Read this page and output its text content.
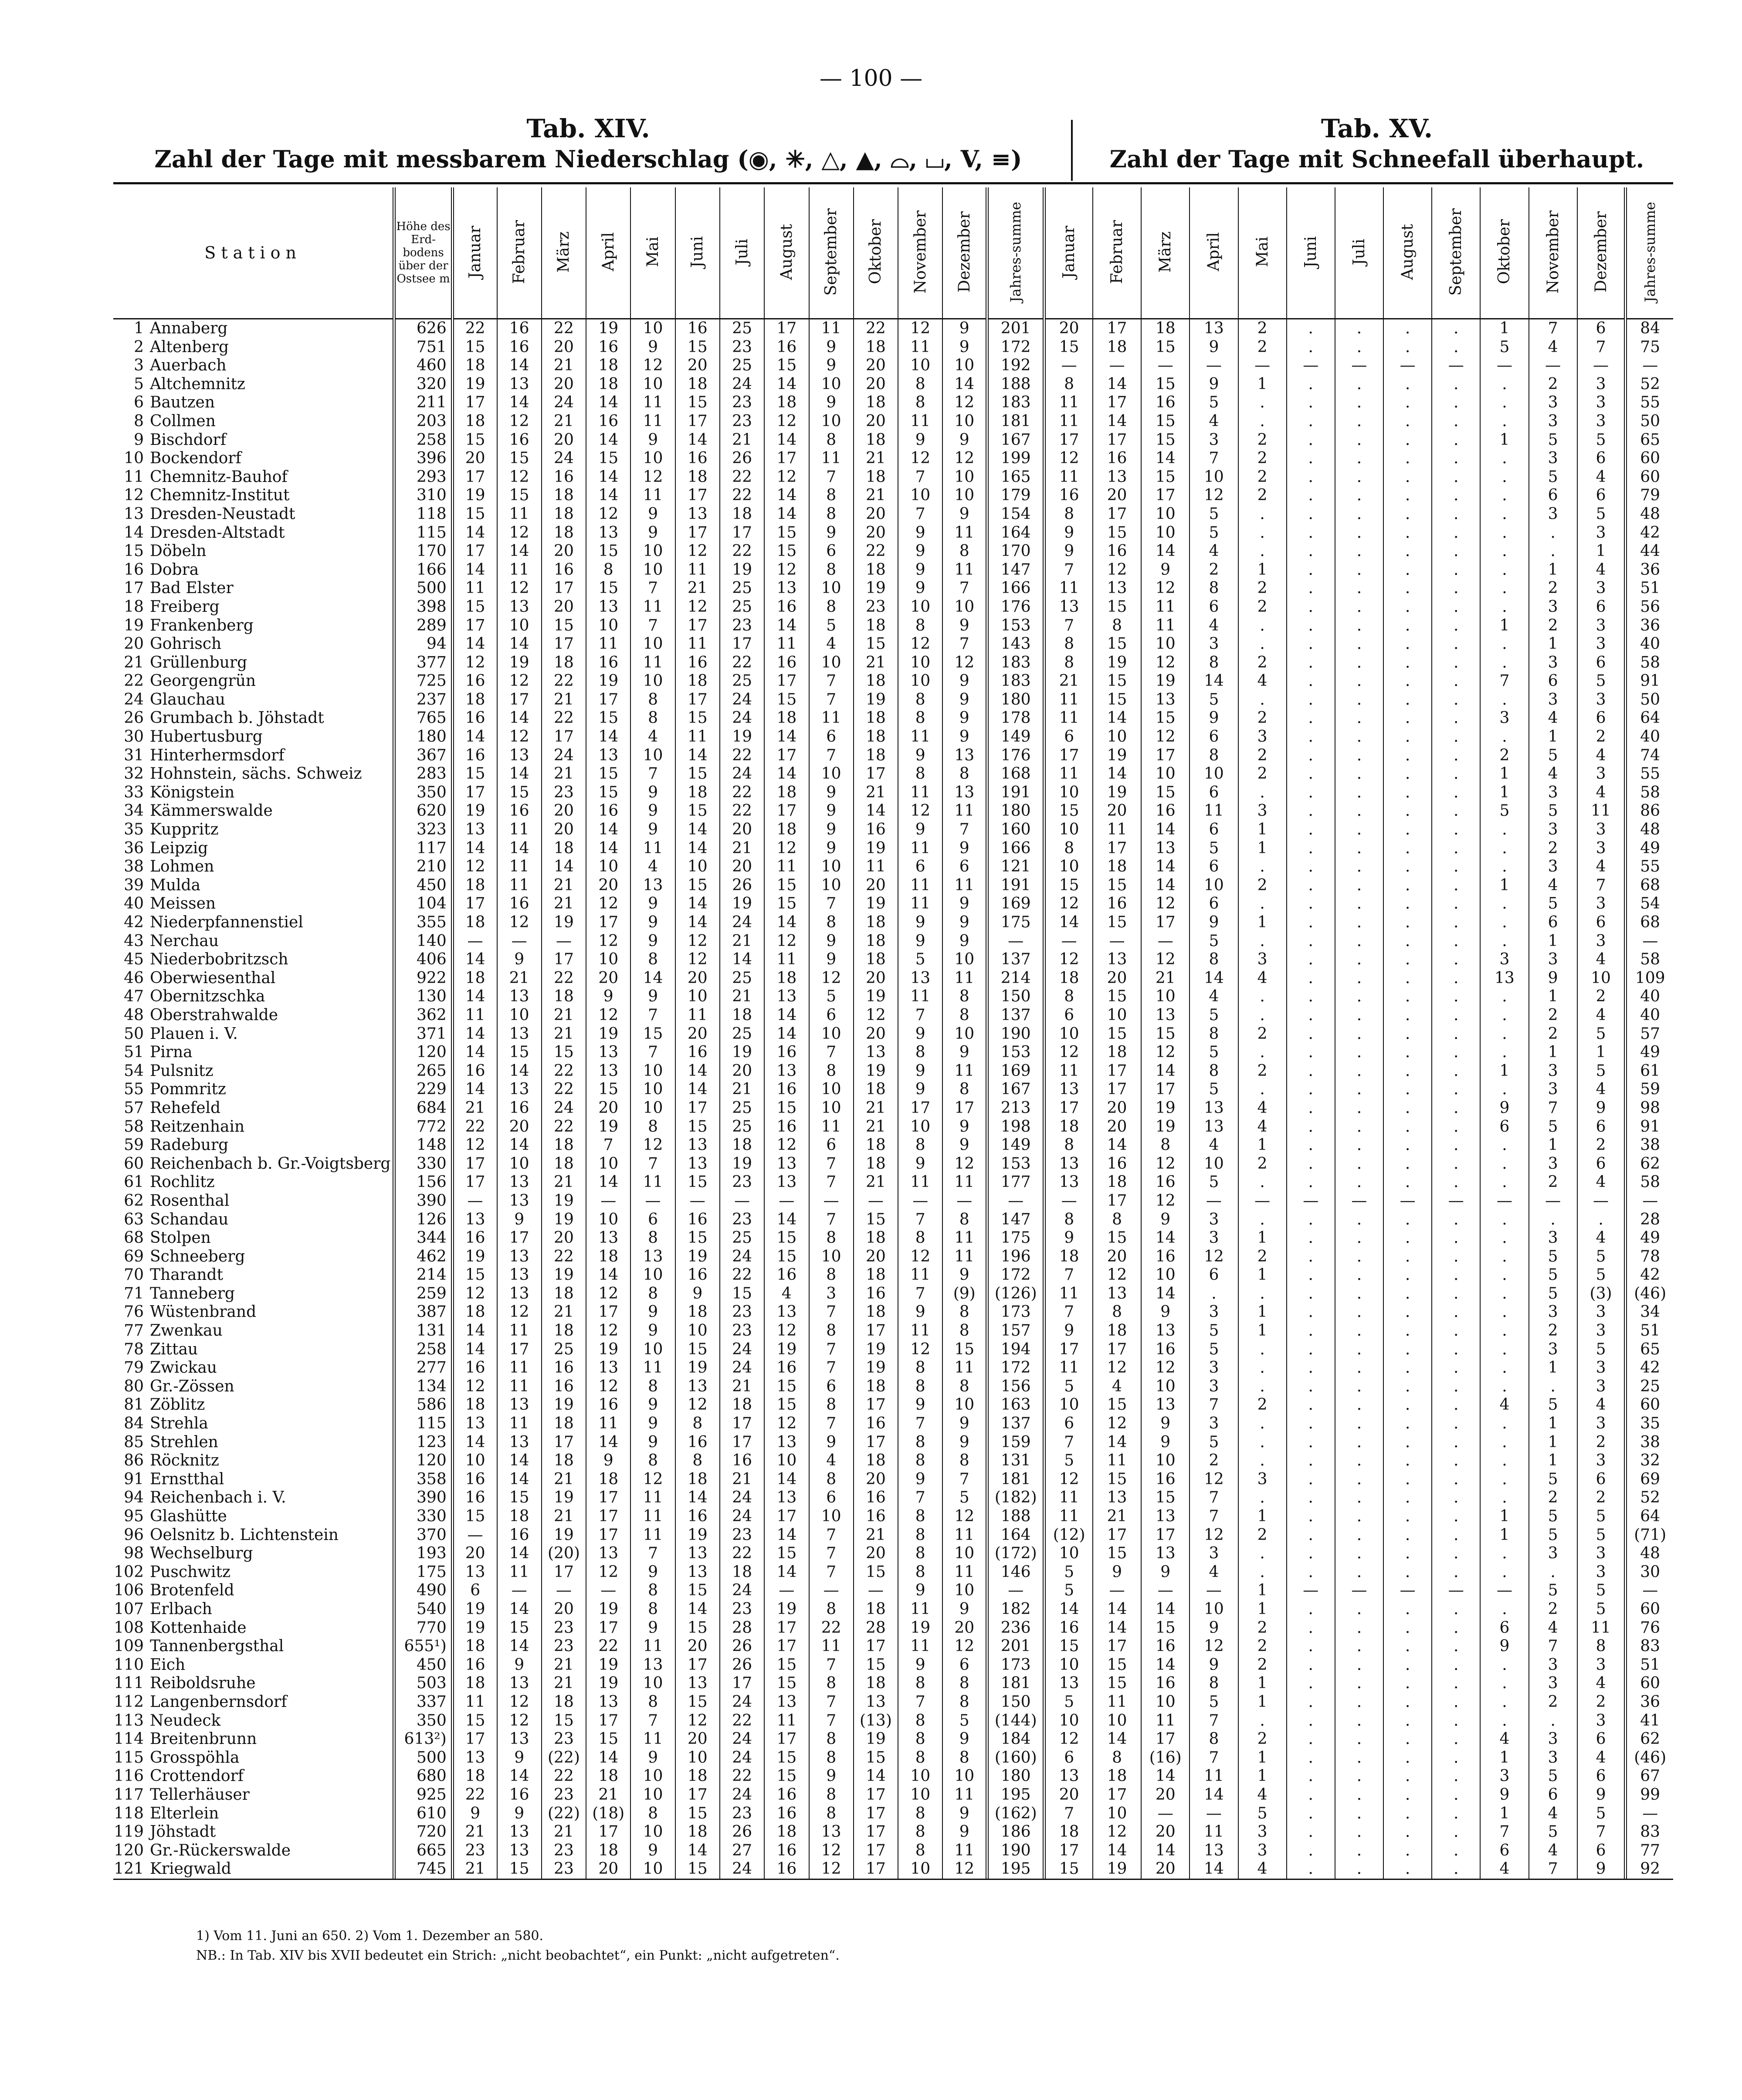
— 100 —
Tab. XIV.
Zahl der Tage mit messbarem Niederschlag (◉, ✳, △, ▲, ⌓, ⌴, V, ≡)
Tab. XV.
Zahl der Tage mit Schneefall überhaupt.
Station	Höhe des Erd-bodens über der Ostsee m	Januar	Februar	März	April	Mai	Juni	Juli	August	September	Oktober	November	Dezember	Jahres-summe	Januar	Februar	März	April	Mai	Juni	Juli	August	September	Oktober	November	Dezember	Jahres-summe
1 Annaberg	626	22	16	22	19	10	16	25	17	11	22	12	9	201	20	17	18	13	2	.	.	.	.	1	7	6	84
2 Altenberg	751	15	16	20	16	9	15	23	16	9	18	11	9	172	15	18	15	9	2	.	.	.	.	5	4	7	75
3 Auerbach	460	18	14	21	18	12	20	25	15	9	20	10	10	192	—	—	—	—	—	—	—	—	—	—	—	—	—
5 Altchemnitz	320	19	13	20	18	10	18	24	14	10	20	8	14	188	8	14	15	9	1	.	.	.	.	.	2	3	52
6 Bautzen	211	17	14	24	14	11	15	23	18	9	18	8	12	183	11	17	16	5	.	.	.	.	.	.	3	3	55
8 Collmen	203	18	12	21	16	11	17	23	12	10	20	11	10	181	11	14	15	4	.	.	.	.	.	.	3	3	50
9 Bischdorf	258	15	16	20	14	9	14	21	14	8	18	9	9	167	17	17	15	3	2	.	.	.	.	1	5	5	65
10 Bockendorf	396	20	15	24	15	10	16	26	17	11	21	12	12	199	12	16	14	7	2	.	.	.	.	.	3	6	60
11 Chemnitz-Bauhof	293	17	12	16	14	12	18	22	12	7	18	7	10	165	11	13	15	10	2	.	.	.	.	.	5	4	60
12 Chemnitz-Institut	310	19	15	18	14	11	17	22	14	8	21	10	10	179	16	20	17	12	2	.	.	.	.	.	6	6	79
13 Dresden-Neustadt	118	15	11	18	12	9	13	18	14	8	20	7	9	154	8	17	10	5	.	.	.	.	.	.	3	5	48
14 Dresden-Altstadt	115	14	12	18	13	9	17	17	15	9	20	9	11	164	9	15	10	5	.	.	.	.	.	.	.	3	42
15 Döbeln	170	17	14	20	15	10	12	22	15	6	22	9	8	170	9	16	14	4	.	.	.	.	.	.	.	1	44
16 Dobra	166	14	11	16	8	10	11	19	12	8	18	9	11	147	7	12	9	2	1	.	.	.	.	.	1	4	36
17 Bad Elster	500	11	12	17	15	7	21	25	13	10	19	9	7	166	11	13	12	8	2	.	.	.	.	.	2	3	51
18 Freiberg	398	15	13	20	13	11	12	25	16	8	23	10	10	176	13	15	11	6	2	.	.	.	.	.	3	6	56
19 Frankenberg	289	17	10	15	10	7	17	23	14	5	18	8	9	153	7	8	11	4	.	.	.	.	.	1	2	3	36
20 Gohrisch	94	14	14	17	11	10	11	17	11	4	15	12	7	143	8	15	10	3	.	.	.	.	.	.	1	3	40
21 Grüllenburg	377	12	19	18	16	11	16	22	16	10	21	10	12	183	8	19	12	8	2	.	.	.	.	.	3	6	58
22 Georgengrün	725	16	12	22	19	10	18	25	17	7	18	10	9	183	21	15	19	14	4	.	.	.	.	7	6	5	91
24 Glauchau	237	18	17	21	17	8	17	24	15	7	19	8	9	180	11	15	13	5	.	.	.	.	.	.	3	3	50
26 Grumbach b. Jöhstadt	765	16	14	22	15	8	15	24	18	11	18	8	9	178	11	14	15	9	2	.	.	.	.	3	4	6	64
30 Hubertusburg	180	14	12	17	14	4	11	19	14	6	18	11	9	149	6	10	12	6	3	.	.	.	.	.	1	2	40
31 Hinterhermsdorf	367	16	13	24	13	10	14	22	17	7	18	9	13	176	17	19	17	8	2	.	.	.	.	2	5	4	74
32 Hohnstein, sächs. Schweiz	283	15	14	21	15	7	15	24	14	10	17	8	8	168	11	14	10	10	2	.	.	.	.	1	4	3	55
33 Königstein	350	17	15	23	15	9	18	22	18	9	21	11	13	191	10	19	15	6	.	.	.	.	.	1	3	4	58
34 Kämmerswalde	620	19	16	20	16	9	15	22	17	9	14	12	11	180	15	20	16	11	3	.	.	.	.	5	5	11	86
35 Kuppritz	323	13	11	20	14	9	14	20	18	9	16	9	7	160	10	11	14	6	1	.	.	.	.	.	3	3	48
36 Leipzig	117	14	14	18	14	11	14	21	12	9	19	11	9	166	8	17	13	5	1	.	.	.	.	.	2	3	49
38 Lohmen	210	12	11	14	10	4	10	20	11	10	11	6	6	121	10	18	14	6	.	.	.	.	.	.	3	4	55
39 Mulda	450	18	11	21	20	13	15	26	15	10	20	11	11	191	15	15	14	10	2	.	.	.	.	1	4	7	68
40 Meissen	104	17	16	21	12	9	14	19	15	7	19	11	9	169	12	16	12	6	.	.	.	.	.	.	5	3	54
42 Niederpfannenstiel	355	18	12	19	17	9	14	24	14	8	18	9	9	175	14	15	17	9	1	.	.	.	.	.	6	6	68
43 Nerchau	140	—	—	—	12	9	12	21	12	9	18	9	9	—	—	—	—	5	.	.	.	.	.	.	1	3	—
45 Niederbobritzsch	406	14	9	17	10	8	12	14	11	9	18	5	10	137	12	13	12	8	3	.	.	.	.	3	3	4	58
46 Oberwiesenthal	922	18	21	22	20	14	20	25	18	12	20	13	11	214	18	20	21	14	4	.	.	.	.	13	9	10	109
47 Obernitzschka	130	14	13	18	9	9	10	21	13	5	19	11	8	150	8	15	10	4	.	.	.	.	.	.	1	2	40
48 Oberstrahwalde	362	11	10	21	12	7	11	18	14	6	12	7	8	137	6	10	13	5	.	.	.	.	.	.	2	4	40
50 Plauen i. V.	371	14	13	21	19	15	20	25	14	10	20	9	10	190	10	15	15	8	2	.	.	.	.	.	2	5	57
51 Pirna	120	14	15	15	13	7	16	19	16	7	13	8	9	153	12	18	12	5	.	.	.	.	.	.	1	1	49
54 Pulsnitz	265	16	14	22	13	10	14	20	13	8	19	9	11	169	11	17	14	8	2	.	.	.	.	1	3	5	61
55 Pommritz	229	14	13	22	15	10	14	21	16	10	18	9	8	167	13	17	17	5	.	.	.	.	.	.	3	4	59
57 Rehefeld	684	21	16	24	20	10	17	25	15	10	21	17	17	213	17	20	19	13	4	.	.	.	.	9	7	9	98
58 Reitzenhain	772	22	20	22	19	8	15	25	16	11	21	10	9	198	18	20	19	13	4	.	.	.	.	6	5	6	91
59 Radeburg	148	12	14	18	7	12	13	18	12	6	18	8	9	149	8	14	8	4	1	.	.	.	.	.	1	2	38
60 Reichenbach b. Gr.-Voigtsberg	330	17	10	18	10	7	13	19	13	7	18	9	12	153	13	16	12	10	2	.	.	.	.	.	3	6	62
61 Rochlitz	156	17	13	21	14	11	15	23	13	7	21	11	11	177	13	18	16	5	.	.	.	.	.	.	2	4	58
62 Rosenthal	390	—	13	19	—	—	—	—	—	—	—	—	—	—	—	17	12	—	—	—	—	—	—	—	—	—	—
63 Schandau	126	13	9	19	10	6	16	23	14	7	15	7	8	147	8	8	9	3	.	.	.	.	.	.	.	.	28
68 Stolpen	344	16	17	20	13	8	15	25	15	8	18	8	11	175	9	15	14	3	1	.	.	.	.	.	3	4	49
69 Schneeberg	462	19	13	22	18	13	19	24	15	10	20	12	11	196	18	20	16	12	2	.	.	.	.	.	5	5	78
70 Tharandt	214	15	13	19	14	10	16	22	16	8	18	11	9	172	7	12	10	6	1	.	.	.	.	.	5	5	42
71 Tanneberg	259	12	13	18	12	8	9	15	4	3	16	7	(9)	(126)	11	13	14	.	.	.	.	.	.	.	5	(3)	(46)
76 Wüstenbrand	387	18	12	21	17	9	18	23	13	7	18	9	8	173	7	8	9	3	1	.	.	.	.	.	3	3	34
77 Zwenkau	131	14	11	18	12	9	10	23	12	8	17	11	8	157	9	18	13	5	1	.	.	.	.	.	2	3	51
78 Zittau	258	14	17	25	19	10	15	24	19	7	19	12	15	194	17	17	16	5	.	.	.	.	.	.	3	5	65
79 Zwickau	277	16	11	16	13	11	19	24	16	7	19	8	11	172	11	12	12	3	.	.	.	.	.	.	1	3	42
80 Gr.-Zössen	134	12	11	16	12	8	13	21	15	6	18	8	8	156	5	4	10	3	.	.	.	.	.	.	.	3	25
81 Zöblitz	586	18	13	19	16	9	12	18	15	8	17	9	10	163	10	15	13	7	2	.	.	.	.	4	5	4	60
84 Strehla	115	13	11	18	11	9	8	17	12	7	16	7	9	137	6	12	9	3	.	.	.	.	.	.	1	3	35
85 Strehlen	123	14	13	17	14	9	16	17	13	9	17	8	9	159	7	14	9	5	.	.	.	.	.	.	1	2	38
86 Röcknitz	120	10	14	18	9	8	8	16	10	4	18	8	8	131	5	11	10	2	.	.	.	.	.	.	1	3	32
91 Ernstthal	358	16	14	21	18	12	18	21	14	8	20	9	7	181	12	15	16	12	3	.	.	.	.	.	5	6	69
94 Reichenbach i. V.	390	16	15	19	17	11	14	24	13	6	16	7	5	(182)	11	13	15	7	.	.	.	.	.	.	2	2	52
95 Glashütte	330	15	18	21	17	11	16	24	17	10	16	8	12	188	11	21	13	7	1	.	.	.	.	1	5	5	64
96 Oelsnitz b. Lichtenstein	370	—	16	19	17	11	19	23	14	7	21	8	11	164	(12)	17	17	12	2	.	.	.	.	1	5	5	(71)
98 Wechselburg	193	20	14	(20)	13	7	13	22	15	7	20	8	10	(172)	10	15	13	3	.	.	.	.	.	.	3	3	48
102 Puschwitz	175	13	11	17	12	9	13	18	14	7	15	8	11	146	5	9	9	4	.	.	.	.	.	.	.	3	30
106 Brotenfeld	490	6	—	—	—	8	15	24	—	—	—	9	10	—	5	—	—	—	1	—	—	—	—	—	5	5	—
107 Erlbach	540	19	14	20	19	8	14	23	19	8	18	11	9	182	14	14	14	10	1	.	.	.	.	.	2	5	60
108 Kottenhaide	770	19	15	23	17	9	15	28	17	22	28	19	20	236	16	14	15	9	2	.	.	.	.	6	4	11	76
109 Tannenbergsthal	655¹)	18	14	23	22	11	20	26	17	11	17	11	12	201	15	17	16	12	2	.	.	.	.	9	7	8	83
110 Eich	450	16	9	21	19	13	17	26	15	7	15	9	6	173	10	15	14	9	2	.	.	.	.	.	3	3	51
111 Reiboldsruhe	503	18	13	21	19	10	13	17	15	8	18	8	8	181	13	15	16	8	1	.	.	.	.	.	3	4	60
112 Langenbernsdorf	337	11	12	18	13	8	15	24	13	7	13	7	8	150	5	11	10	5	1	.	.	.	.	.	2	2	36
113 Neudeck	350	15	12	15	17	7	12	22	11	7	(13)	8	5	(144)	10	10	11	7	.	.	.	.	.	.	.	3	41
114 Breitenbrunn	613²)	17	13	23	15	11	20	24	17	8	19	8	9	184	12	14	17	8	2	.	.	.	.	4	3	6	62
115 Grosspöhla	500	13	9	(22)	14	9	10	24	15	8	15	8	8	(160)	6	8	(16)	7	1	.	.	.	.	1	3	4	(46)
116 Crottendorf	680	18	14	22	18	10	18	22	15	9	14	10	10	180	13	18	14	11	1	.	.	.	.	3	5	6	67
117 Tellerhäuser	925	22	16	23	21	10	17	24	16	8	17	10	11	195	20	17	20	14	4	.	.	.	.	9	6	9	99
118 Elterlein	610	9	9	(22)	(18)	8	15	23	16	8	17	8	9	(162)	7	10	—	—	5	.	.	.	.	1	4	5	—
119 Jöhstadt	720	21	13	21	17	10	18	26	18	13	17	8	9	186	18	12	20	11	3	.	.	.	.	7	5	7	83
120 Gr.-Rückerswalde	665	23	13	23	18	9	14	27	16	12	17	8	11	190	17	14	14	13	3	.	.	.	.	6	4	6	77
121 Kriegwald	745	21	15	23	20	10	15	24	16	12	17	10	12	195	15	19	20	14	4	.	.	.	.	4	7	9	92
1) Vom 11. Juni an 650. 2) Vom 1. Dezember an 580.
NB.: In Tab. XIV bis XVII bedeutet ein Strich: „nicht beobachtet“, ein Punkt: „nicht aufgetreten“.
